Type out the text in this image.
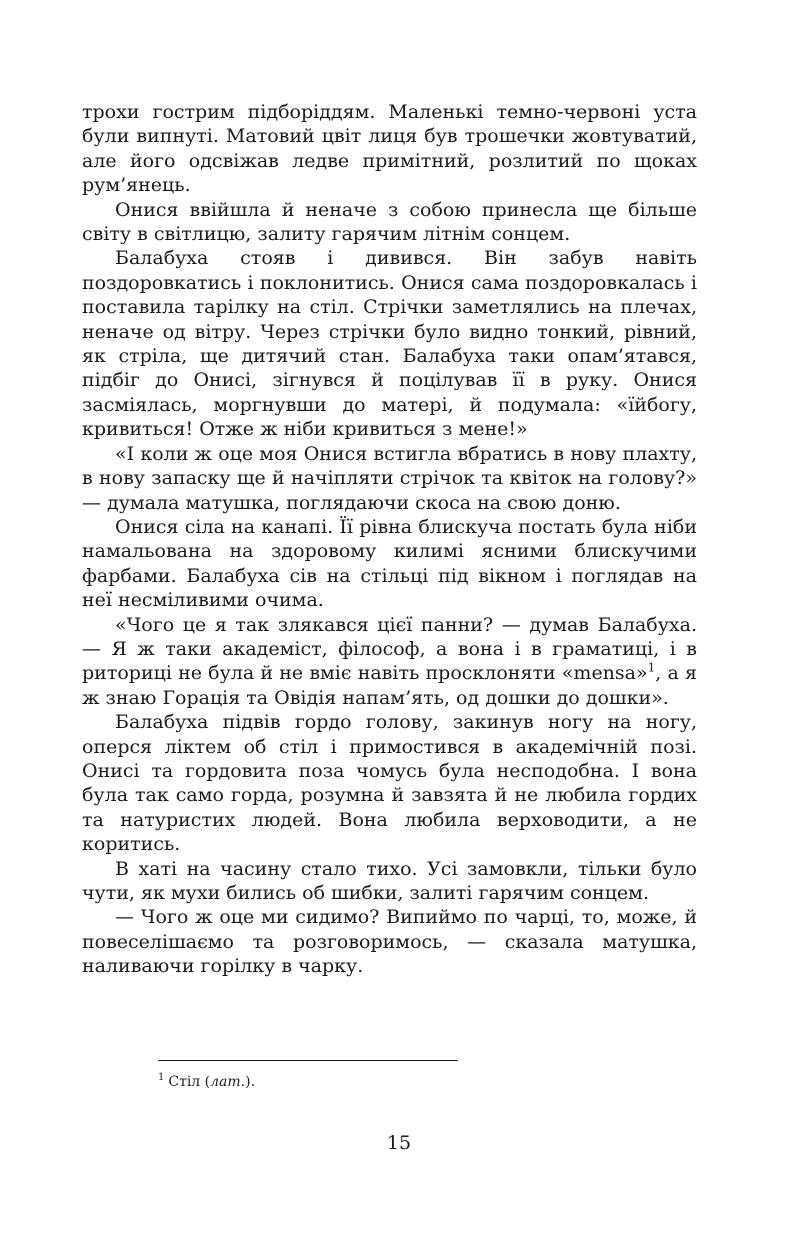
трохи гострим підборіддям. Маленькі темно-червоні уста були випнуті. Матовий цвіт лиця був трошечки жовтуватий, але його одсвіжав ледве примітний, розлитий по щоках рум’янець.

Онися ввійшла й неначе з собою принесла ще більше світу в світлицю, залиту гарячим літнім сонцем.

Балабуха стояв і дивився. Він забув навіть поздоровкатись і поклонитись. Онися сама поздоровкалась і поставила тарілку на стіл. Стрічки заметлялись на плечах, неначе од вітру. Через стрічки було видно тонкий, рівний, як стріла, ще дитячий стан. Балабуха таки опам’ятався, підбіг до Онисі, зігнувся й поцілував її в руку. Онися засміялась, моргнувши до матері, й подумала: «їйбогу, кривиться! Отже ж ніби кривиться з мене!»

«І коли ж оце моя Онися встигла вбратись в нову плахту, в нову запаску ще й начіпляти стрічок та квіток на голову?» — думала матушка, поглядаючи скоса на свою доню.

Онися сіла на канапі. Її рівна блискуча постать була ніби намальована на здоровому килимі ясними блискучими фарбами. Балабуха сів на стільці під вікном і поглядав на неї несміливими очима.

«Чого це я так злякався цієї панни? — думав Балабуха. — Я ж таки академіст, філософ, а вона і в граматиці, і в риториці не була й не вміє навіть просклоняти «mensa»$^1$, а я ж знаю Горація та Овідія напам’ять, од дошки до дошки».

Балабуха підвів гордо голову, закинув ногу на ногу, оперся ліктем об стіл і примостився в академічній позі. Онисі та гордовита поза чомусь була несподобна. І вона була так само горда, розумна й завзята й не любила гордих та натуристих людей. Вона любила верховодити, а не коритись.

В хаті на часину стало тихо. Усі замовкли, тільки було чути, як мухи бились об шибки, залиті гарячим сонцем.

— Чого ж оце ми сидимо? Випиймо по чарці, то, може, й повеселішаємо та розговоримось, — сказала матушка, наливаючи горілку в чарку.

$^1$ Стіл (лат.).
15
